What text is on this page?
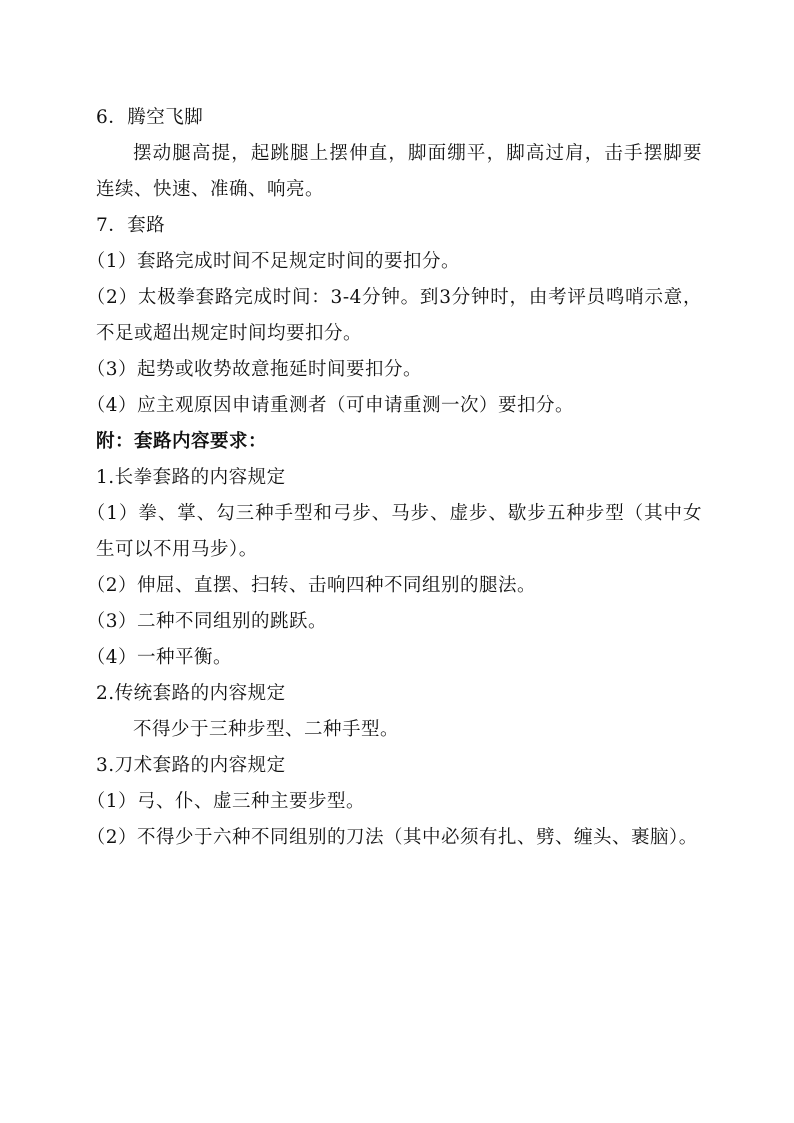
6．腾空飞脚

摆动腿高提，起跳腿上摆伸直，脚面绷平，脚高过肩，击手摆脚要连续、快速、准确、响亮。

7．套路

（1）套路完成时间不足规定时间的要扣分。

（2）太极拳套路完成时间：3-4分钟。到3分钟时，由考评员鸣哨示意，不足或超出规定时间均要扣分。

（3）起势或收势故意拖延时间要扣分。

（4）应主观原因申请重测者（可申请重测一次）要扣分。

附：套路内容要求：

1.长拳套路的内容规定

（1）拳、掌、勾三种手型和弓步、马步、虚步、歇步五种步型（其中女生可以不用马步）。

（2）伸屈、直摆、扫转、击响四种不同组别的腿法。

（3）二种不同组别的跳跃。

（4）一种平衡。

2.传统套路的内容规定

不得少于三种步型、二种手型。

3.刀术套路的内容规定

（1）弓、仆、虚三种主要步型。

（2）不得少于六种不同组别的刀法（其中必须有扎、劈、缠头、裹脑）。
